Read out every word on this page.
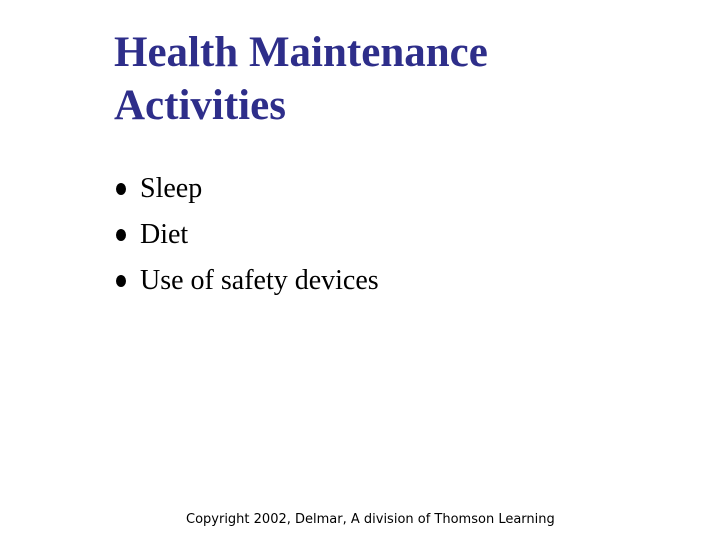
Health Maintenance
Activities
Sleep
Diet
Use of safety devices
Copyright 2002, Delmar, A division of Thomson Learning
